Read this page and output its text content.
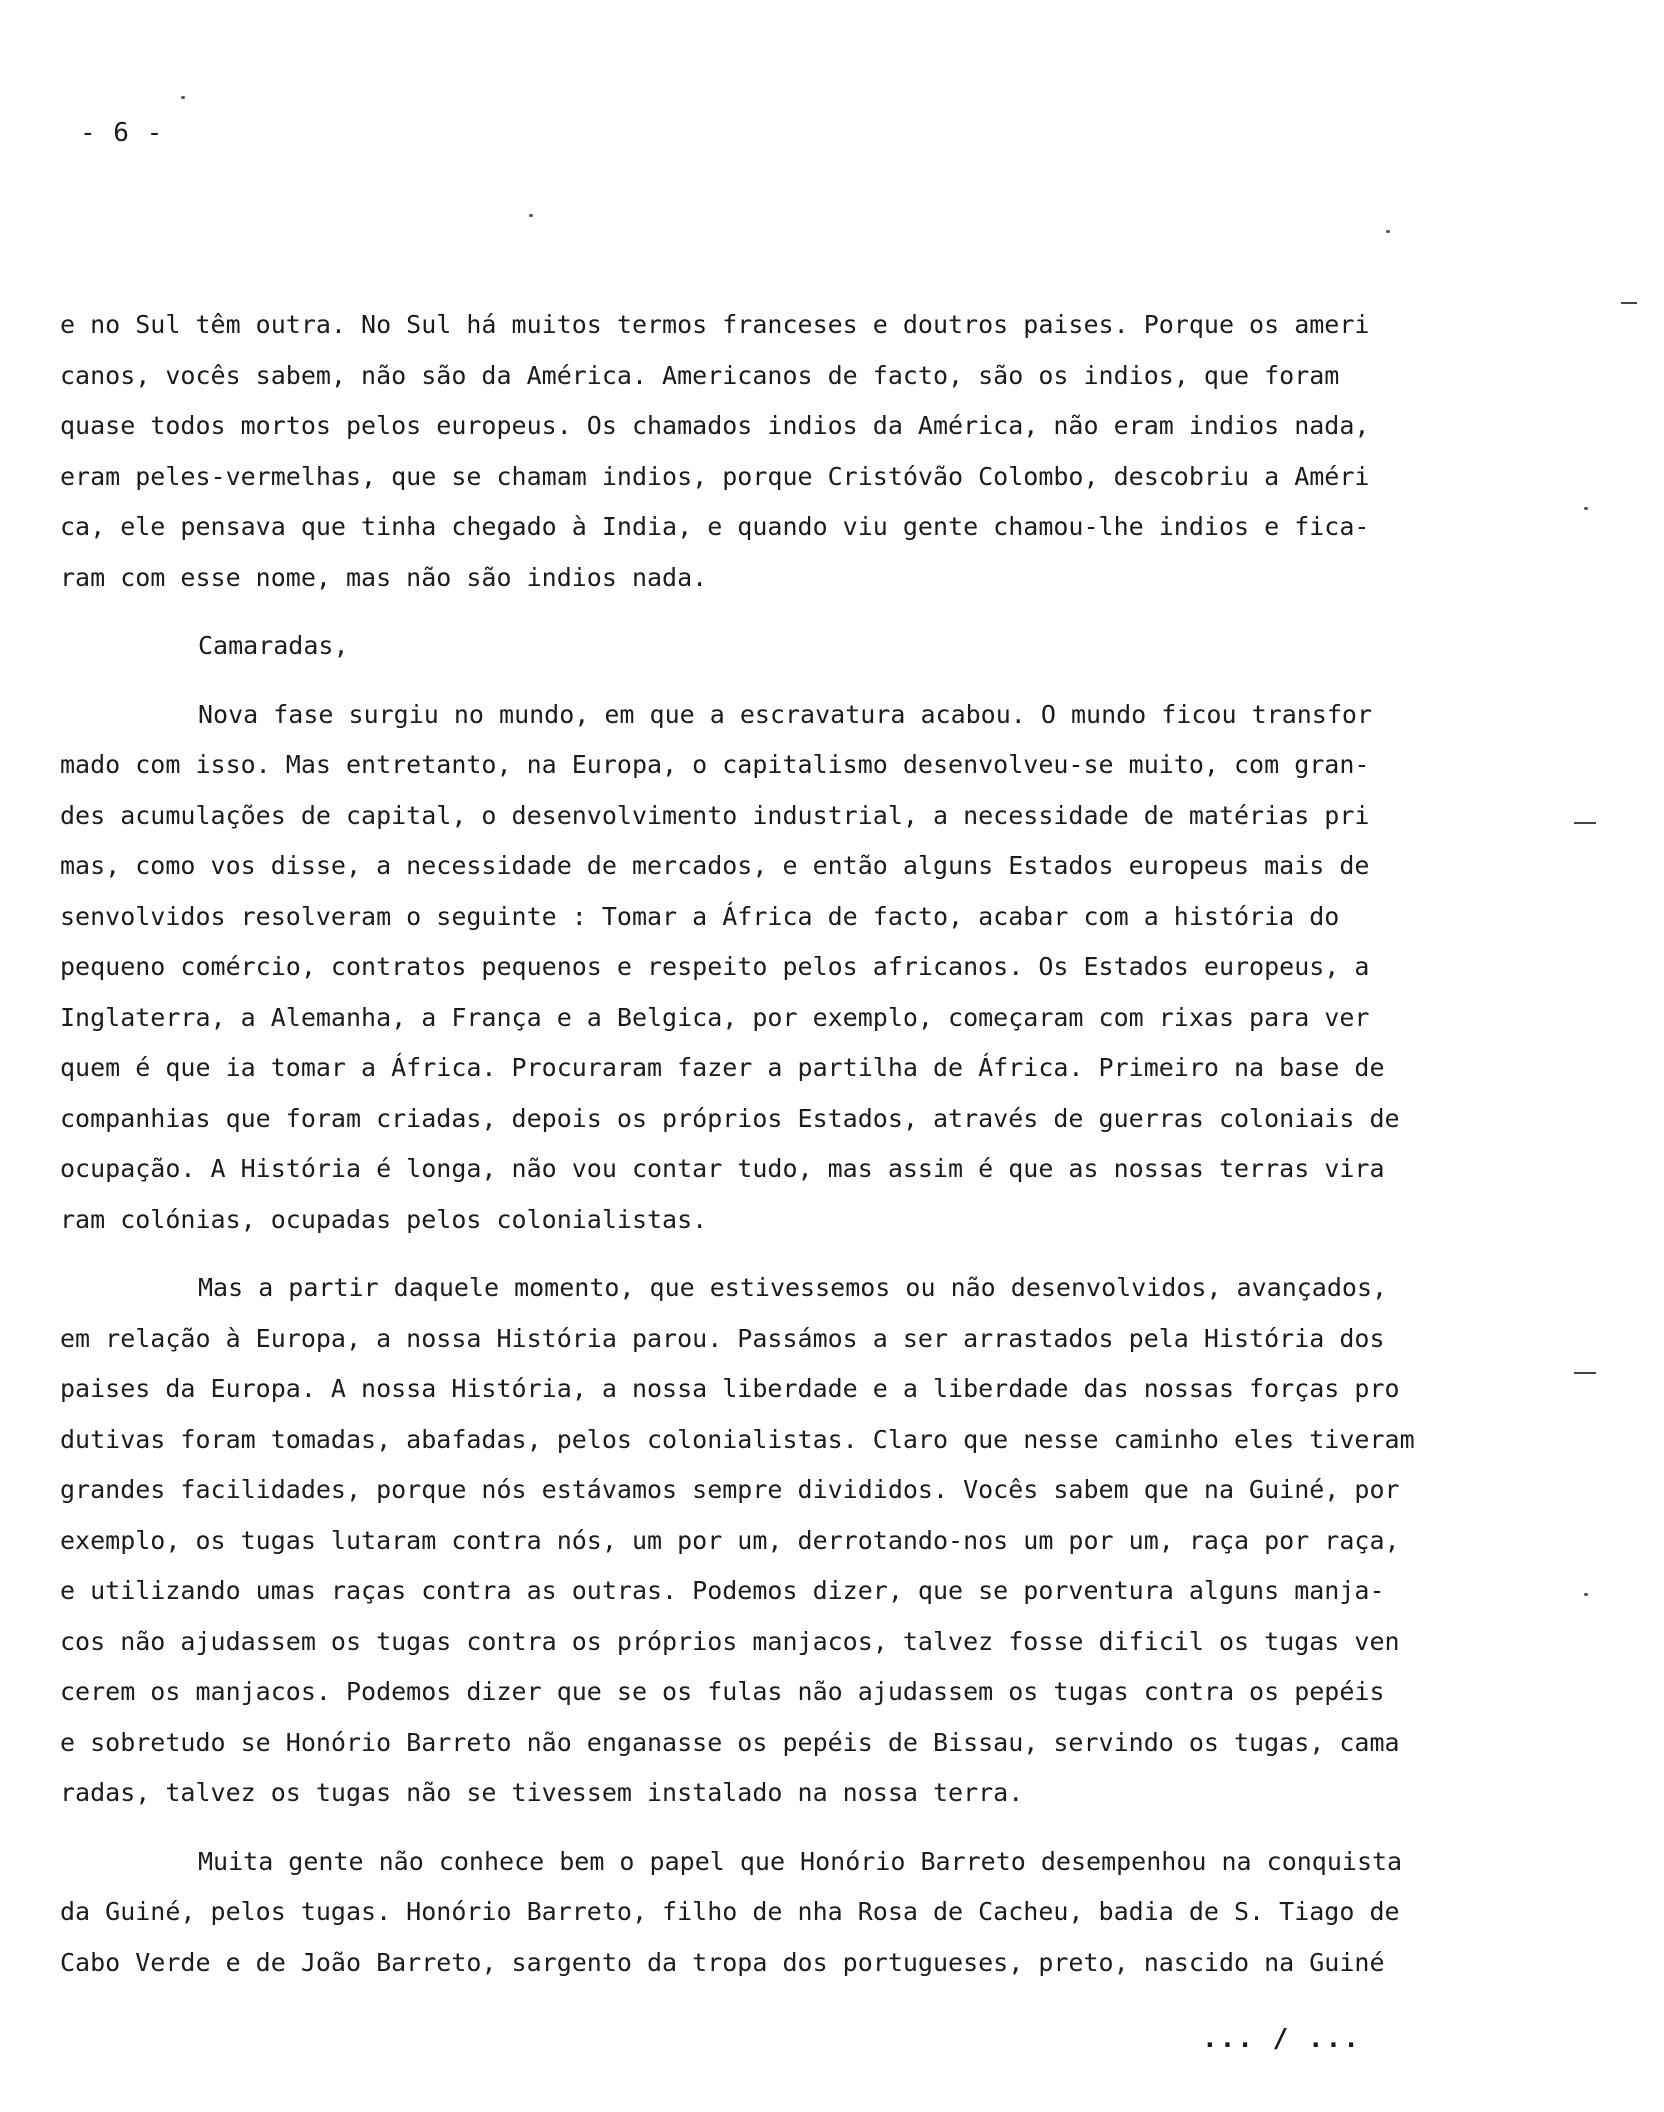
- 6 -
e no Sul têm outra. No Sul há muitos termos franceses e doutros paises. Porque os ameri
canos, vocês sabem, não são da América. Americanos de facto, são os indios, que foram
quase todos mortos pelos europeus. Os chamados indios da América, não eram indios nada,
eram peles-vermelhas, que se chamam indios, porque Cristóvão Colombo, descobriu a Améri
ca, ele pensava que tinha chegado à India, e quando viu gente chamou-lhe indios e fica-
ram com esse nome, mas não são indios nada.
Camaradas,
Nova fase surgiu no mundo, em que a escravatura acabou. O mundo ficou transfor
mado com isso. Mas entretanto, na Europa, o capitalismo desenvolveu-se muito, com gran-
des acumulações de capital, o desenvolvimento industrial, a necessidade de matérias pri
mas, como vos disse, a necessidade de mercados, e então alguns Estados europeus mais de
senvolvidos resolveram o seguinte : Tomar a África de facto, acabar com a história do
pequeno comércio, contratos pequenos e respeito pelos africanos. Os Estados europeus, a
Inglaterra, a Alemanha, a França e a Belgica, por exemplo, começaram com rixas para ver
quem é que ia tomar a África. Procuraram fazer a partilha de África. Primeiro na base de
companhias que foram criadas, depois os próprios Estados, através de guerras coloniais de
ocupação. A História é longa, não vou contar tudo, mas assim é que as nossas terras vira
ram colónias, ocupadas pelos colonialistas.
Mas a partir daquele momento, que estivessemos ou não desenvolvidos, avançados,
em relação à Europa, a nossa História parou. Passámos a ser arrastados pela História dos
paises da Europa. A nossa História, a nossa liberdade e a liberdade das nossas forças pro
dutivas foram tomadas, abafadas, pelos colonialistas. Claro que nesse caminho eles tiveram
grandes facilidades, porque nós estávamos sempre divididos. Vocês sabem que na Guiné, por
exemplo, os tugas lutaram contra nós, um por um, derrotando-nos um por um, raça por raça,
e utilizando umas raças contra as outras. Podemos dizer, que se porventura alguns manja-
cos não ajudassem os tugas contra os próprios manjacos, talvez fosse dificil os tugas ven
cerem os manjacos. Podemos dizer que se os fulas não ajudassem os tugas contra os pepéis
e sobretudo se Honório Barreto não enganasse os pepéis de Bissau, servindo os tugas, cama
radas, talvez os tugas não se tivessem instalado na nossa terra.
Muita gente não conhece bem o papel que Honório Barreto desempenhou na conquista
da Guiné, pelos tugas. Honório Barreto, filho de nha Rosa de Cacheu, badia de S. Tiago de
Cabo Verde e de João Barreto, sargento da tropa dos portugueses, preto, nascido na Guiné
... / ...
